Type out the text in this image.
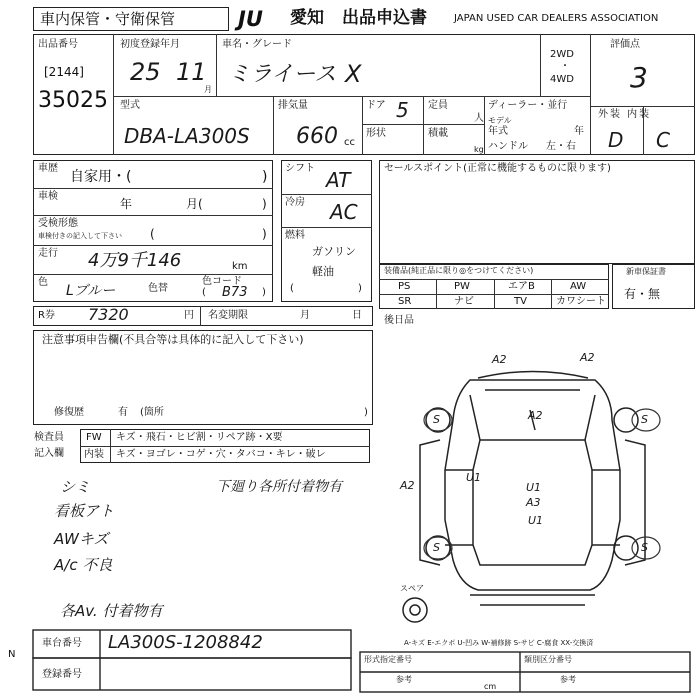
車内保管・守衛保管	JU 愛知 出品申込書	JAPAN USED CAR DEALERS ASSOCIATION
出品番号
[2144]
35025
初度登録年月
25 11
月
車名・グレード
ミライース X
2WD
・
4WD
評価点
3
型式
DBA-LA300S
排気量
660 cc
ドア 5 定員
人
形状	積載
kg
ディーラー・並行
モデル
年式	年
ハンドル 左・右
外装 内装
D C
車歴
自家用・(	)
車検
年	月(	)
受検形態
車検付きの記入して下さい (	)
走行 4万9千146	km
色
Lブルー	色替
色コード
( B73 )
シフト AT
冷房 AC
燃料
ガソリン
軽油
(	)
セールスポイント(正常に機能するものに限ります)
装備品(純正品に限り◎をつけてください)
PS	PW	エアB	AW
SR	ナビ	TV	カワシート
新車保証書
有・無
R券 7320	円 名変期限	月	日
注意事項申告欄(不具合等は具体的に記入して下さい)
修復歴	有 (箇所	)
後日品
検査員
記入欄
FW キズ・飛石・ヒビ割・リペア跡・X要
内装 キズ・ヨゴレ・コゲ・穴・タバコ・キレ・破レ
シミ
看板アト
AWキズ
A/c 不良
各Av. 付着物有
下廻り各所付着物有
A2	A2
A2
A2
U1
U1
A3
U1
S	S
S	S
スペア
A-キズ E-エクボ U-凹み W-補修跡 S-サビ C-腐食 XX-交換済
車台番号 LA300S-1208842
N
登録番号
形式指定番号
参考
類別区分番号
参考
cm
